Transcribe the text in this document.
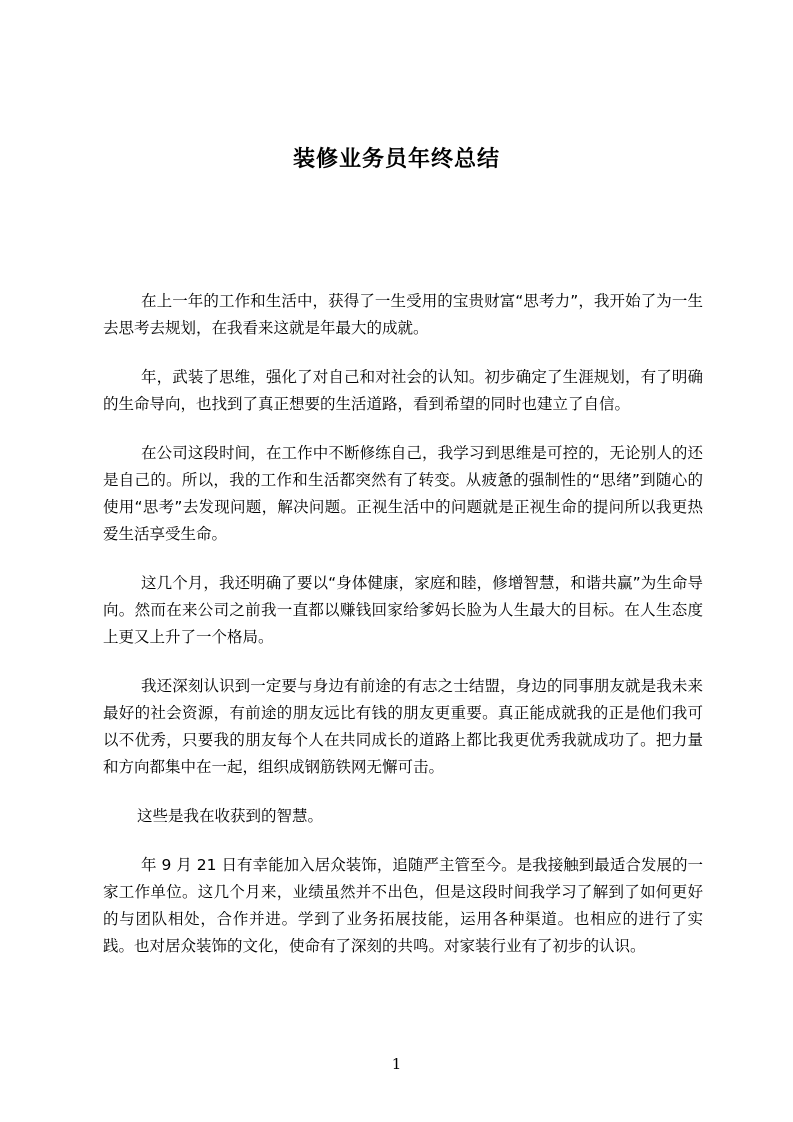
装修业务员年终总结

在上一年的工作和生活中，获得了一生受用的宝贵财富“思考力”，我开始了为一生去思考去规划，在我看来这就是年最大的成就。

年，武装了思维，强化了对自己和对社会的认知。初步确定了生涯规划，有了明确的生命导向，也找到了真正想要的生活道路，看到希望的同时也建立了自信。

在公司这段时间，在工作中不断修练自己，我学习到思维是可控的，无论别人的还是自己的。所以，我的工作和生活都突然有了转变。从疲惫的强制性的“思绪”到随心的使用“思考”去发现问题，解决问题。正视生活中的问题就是正视生命的提问所以我更热爱生活享受生命。

这几个月，我还明确了要以“身体健康，家庭和睦，修增智慧，和谐共赢”为生命导向。然而在来公司之前我一直都以赚钱回家给爹妈长脸为人生最大的目标。在人生态度上更又上升了一个格局。

我还深刻认识到一定要与身边有前途的有志之士结盟，身边的同事朋友就是我未来最好的社会资源，有前途的朋友远比有钱的朋友更重要。真正能成就我的正是他们我可以不优秀，只要我的朋友每个人在共同成长的道路上都比我更优秀我就成功了。把力量和方向都集中在一起，组织成钢筋铁网无懈可击。

这些是我在收获到的智慧。

年 9 月 21 日有幸能加入居众装饰，追随严主管至今。是我接触到最适合发展的一家工作单位。这几个月来，业绩虽然并不出色，但是这段时间我学习了解到了如何更好的与团队相处，合作并进。学到了业务拓展技能，运用各种渠道。也相应的进行了实践。也对居众装饰的文化，使命有了深刻的共鸣。对家装行业有了初步的认识。

1
